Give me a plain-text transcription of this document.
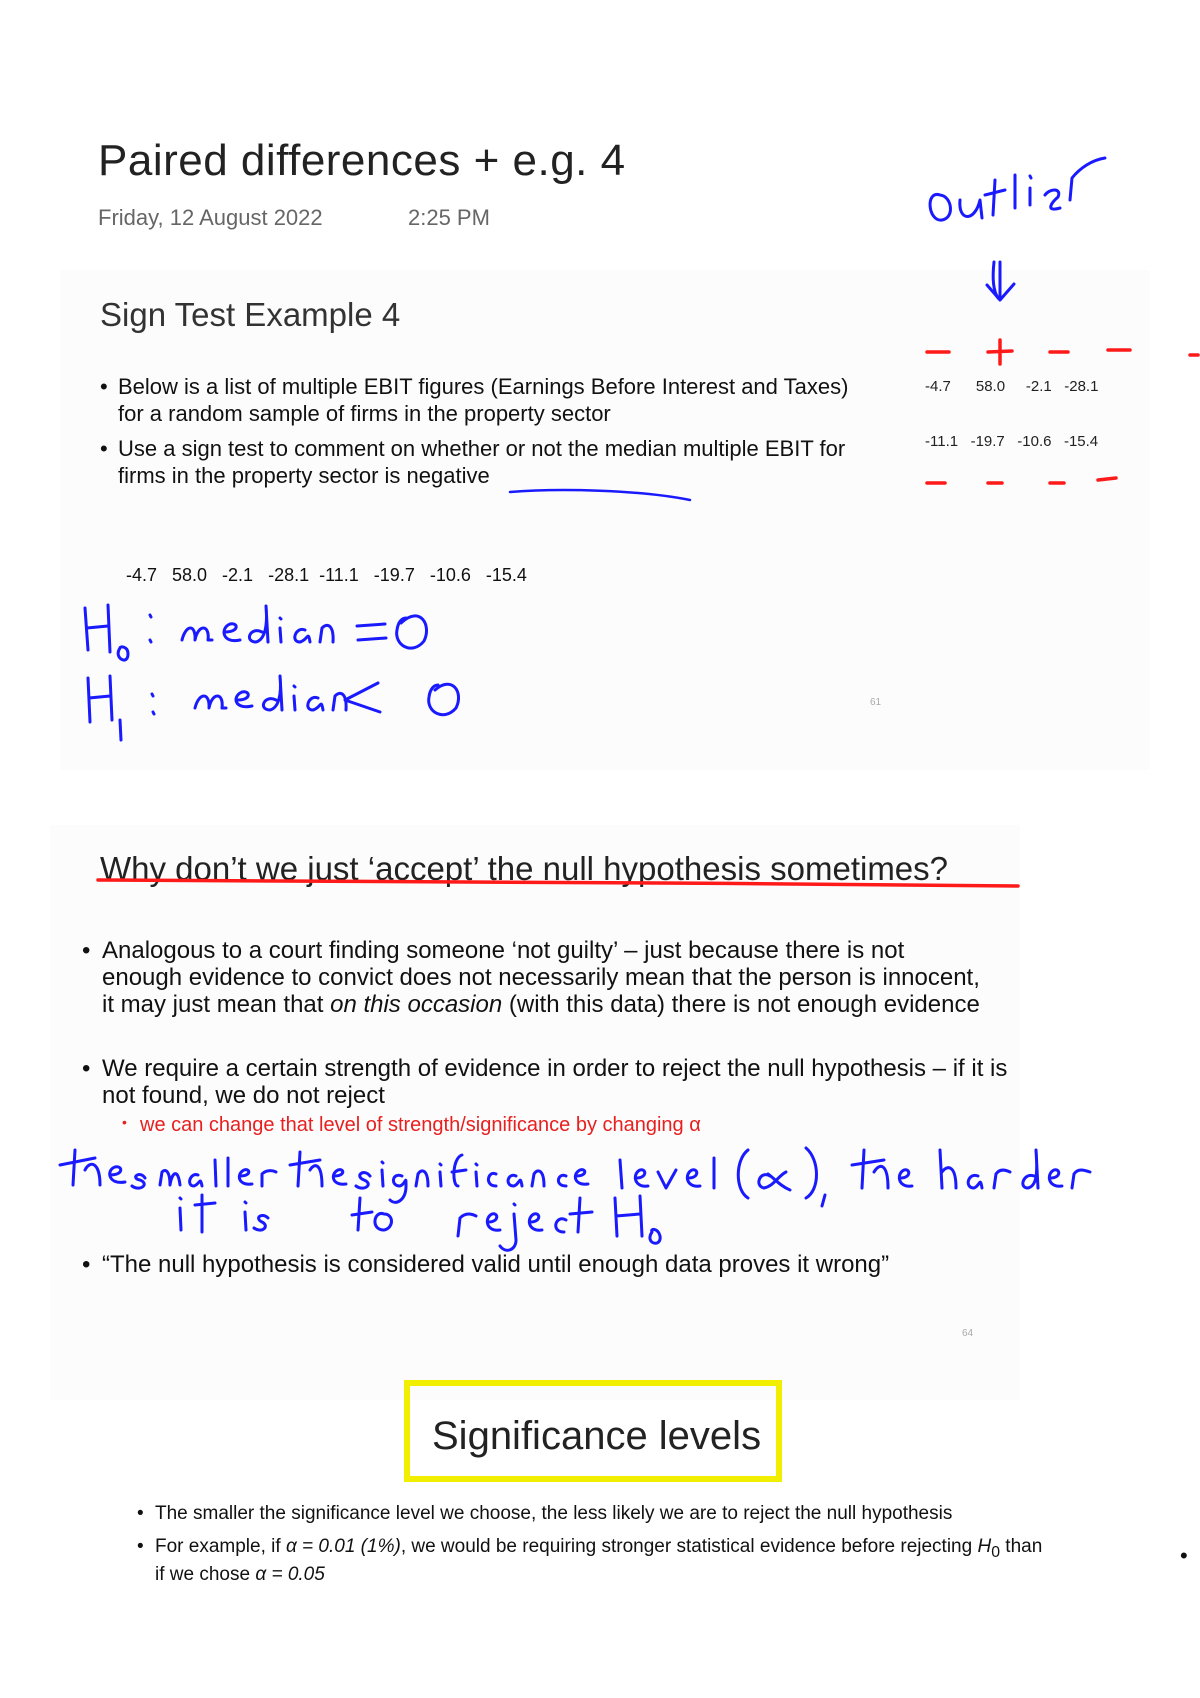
Paired differences + e.g. 4
Friday, 12 August 2022	2:25 PM
Sign Test Example 4
• Below is a list of multiple EBIT figures (Earnings Before Interest and Taxes) for a random sample of firms in the property sector
• Use a sign test to comment on whether or not the median multiple EBIT for firms in the property sector is negative
-4.7   58.0   -2.1   -28.1  -11.1   -19.7   -10.6   -15.4
61
-4.7      58.0     -2.1   -28.1
-11.1   -19.7   -10.6   -15.4
Why don’t we just ‘accept’ the null hypothesis sometimes?
• Analogous to a court finding someone ‘not guilty’ – just because there is not enough evidence to convict does not necessarily mean that the person is innocent, it may just mean that on this occasion (with this data) there is not enough evidence
• We require a certain strength of evidence in order to reject the null hypothesis – if it is not found, we do not reject
• we can change that level of strength/significance by changing α
• “The null hypothesis is considered valid until enough data proves it wrong”
64
Significance levels
• The smaller the significance level we choose, the less likely we are to reject the null hypothesis
• For example, if α = 0.01 (1%), we would be requiring stronger statistical evidence before rejecting $H_0$ than if we chose α = 0.05
•
